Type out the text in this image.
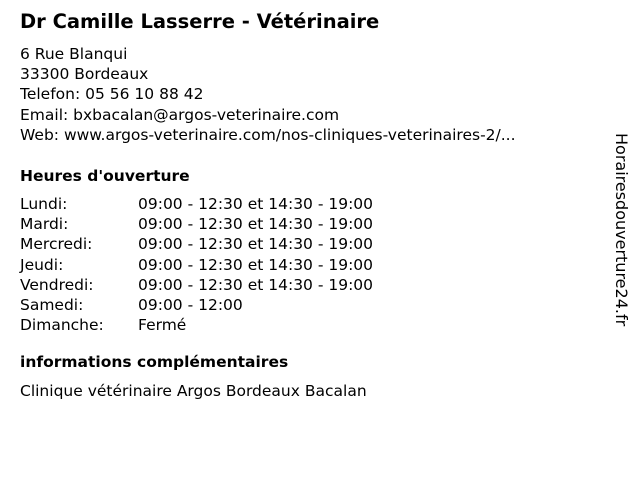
Dr Camille Lasserre - Vétérinaire
6 Rue Blanqui
33300 Bordeaux
Telefon: 05 56 10 88 42
Email: bxbacalan@argos-veterinaire.com
Web: www.argos-veterinaire.com/nos-cliniques-veterinaires-2/...
Heures d'ouverture
Lundi:	09:00 - 12:30 et 14:30 - 19:00
Mardi:	09:00 - 12:30 et 14:30 - 19:00
Mercredi:	09:00 - 12:30 et 14:30 - 19:00
Jeudi:	09:00 - 12:30 et 14:30 - 19:00
Vendredi:	09:00 - 12:30 et 14:30 - 19:00
Samedi:	09:00 - 12:00
Dimanche:	Fermé
informations complémentaires
Clinique vétérinaire Argos Bordeaux Bacalan
Horairesdouverture24.fr
